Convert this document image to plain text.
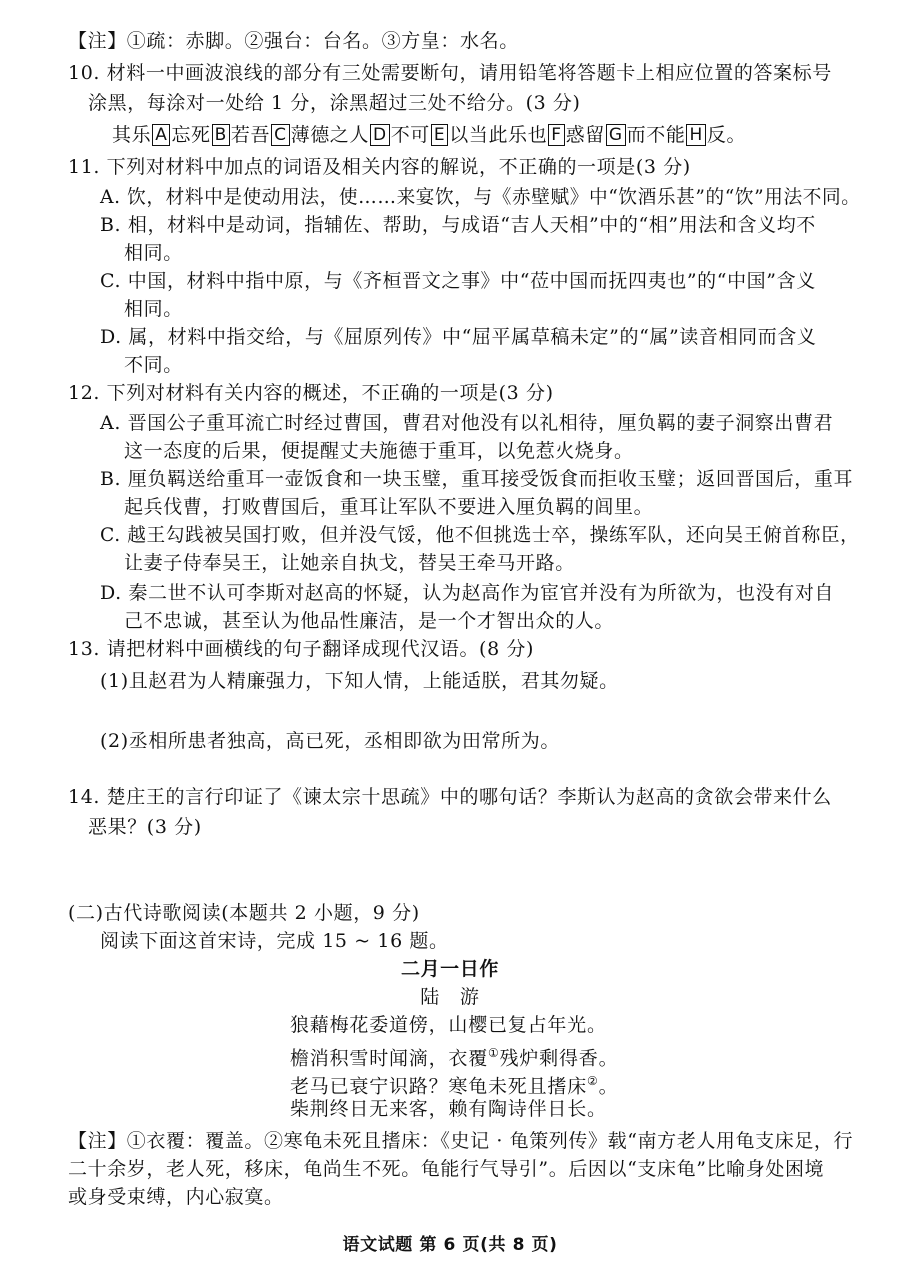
【注】①疏：赤脚。②强台：台名。③方皇：水名。
10. 材料一中画波浪线的部分有三处需要断句，请用铅笔将答题卡上相应位置的答案标号
涂黑，每涂对一处给 1 分，涂黑超过三处不给分。(3 分)
其乐 A 忘死 B 若吾 C 薄德之人 D 不可 E 以当此乐也 F 惑留 G 而不能 H 反。
11. 下列对材料中加点的词语及相关内容的解说，不正确的一项是(3 分)
A. 饮，材料中是使动用法，使……来宴饮，与《赤壁赋》中“饮酒乐甚”的“饮”用法不同。
B. 相，材料中是动词，指辅佐、帮助，与成语“吉人天相”中的“相”用法和含义均不
相同。
C. 中国，材料中指中原，与《齐桓晋文之事》中“莅中国而抚四夷也”的“中国”含义
相同。
D. 属，材料中指交给，与《屈原列传》中“屈平属草稿未定”的“属”读音相同而含义
不同。
12. 下列对材料有关内容的概述，不正确的一项是(3 分)
A. 晋国公子重耳流亡时经过曹国，曹君对他没有以礼相待，厘负羁的妻子洞察出曹君
这一态度的后果，便提醒丈夫施德于重耳，以免惹火烧身。
B. 厘负羁送给重耳一壶饭食和一块玉璧，重耳接受饭食而拒收玉璧；返回晋国后，重耳
起兵伐曹，打败曹国后，重耳让军队不要进入厘负羁的闾里。
C. 越王勾践被吴国打败，但并没气馁，他不但挑选士卒，操练军队，还向吴王俯首称臣，
让妻子侍奉吴王，让她亲自执戈，替吴王牵马开路。
D. 秦二世不认可李斯对赵高的怀疑，认为赵高作为宦官并没有为所欲为，也没有对自
己不忠诚，甚至认为他品性廉洁，是一个才智出众的人。
13. 请把材料中画横线的句子翻译成现代汉语。(8 分)
(1)且赵君为人精廉强力，下知人情，上能适朕，君其勿疑。
(2)丞相所患者独高，高已死，丞相即欲为田常所为。
14. 楚庄王的言行印证了《谏太宗十思疏》中的哪句话？李斯认为赵高的贪欲会带来什么
恶果？(3 分)
(二)古代诗歌阅读(本题共 2 小题，9 分)
阅读下面这首宋诗，完成 15 ~ 16 题。
二月一日作
陆　游
狼藉梅花委道傍，山樱已复占年光。
檐消积雪时闻滴，衣覆①残炉剩得香。
老马已衰宁识路？寒龟未死且搘床②。
柴荆终日无来客，赖有陶诗伴日长。
【注】①衣覆：覆盖。②寒龟未死且搘床：《史记 · 龟策列传》载“南方老人用龟支床足，行
二十余岁，老人死，移床，龟尚生不死。龟能行气导引”。后因以“支床龟”比喻身处困境
或身受束缚，内心寂寞。
语文试题 第 6 页(共 8 页)
